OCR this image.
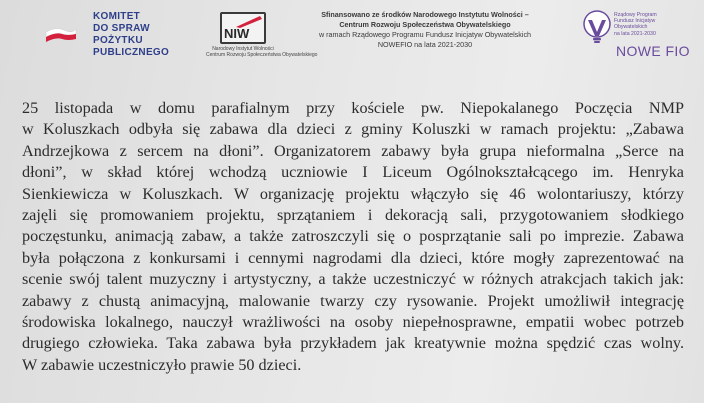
KOMITET
DO SPRAW
POŻYTKU
PUBLICZNEGO
NIW
Narodowy Instytut Wolności
Centrum Rozwoju Społeczeństwa Obywatelskiego
Sfinansowano ze środków Narodowego Instytutu Wolności –
Centrum Rozwoju Społeczeństwa Obywatelskiego
w ramach Rządowego Programu Fundusz Inicjatyw Obywatelskich
NOWEFIO na lata 2021-2030
Rządowy Program
Fundusz Inicjatyw
Obywatelskich
na lata 2021-2030
NOWE FIO

25 listopada w domu parafialnym przy kościele pw. Niepokalanego Poczęcia NMP

w Koluszkach odbyła się zabawa dla dzieci z gminy Koluszki w ramach projektu: „Zabawa

Andrzejkowa z sercem na dłoni”. Organizatorem zabawy była grupa nieformalna „Serce na

dłoni”, w skład której wchodzą uczniowie I Liceum Ogólnokształcącego im. Henryka

Sienkiewicza w Koluszkach. W organizację projektu włączyło się 46 wolontariuszy, którzy

zajęli się promowaniem projektu, sprzątaniem i dekoracją sali, przygotowaniem słodkiego

poczęstunku, animacją zabaw, a także zatroszczyli się o posprzątanie sali po imprezie. Zabawa

była połączona z konkursami i cennymi nagrodami dla dzieci, które mogły zaprezentować na

scenie swój talent muzyczny i artystyczny, a także uczestniczyć w różnych atrakcjach takich jak:

zabawy z chustą animacyjną, malowanie twarzy czy rysowanie. Projekt umożliwił integrację

środowiska lokalnego, nauczył wrażliwości na osoby niepełnosprawne, empatii wobec potrzeb

drugiego człowieka. Taka zabawa była przykładem jak kreatywnie można spędzić czas wolny.

W zabawie uczestniczyło prawie 50 dzieci.
